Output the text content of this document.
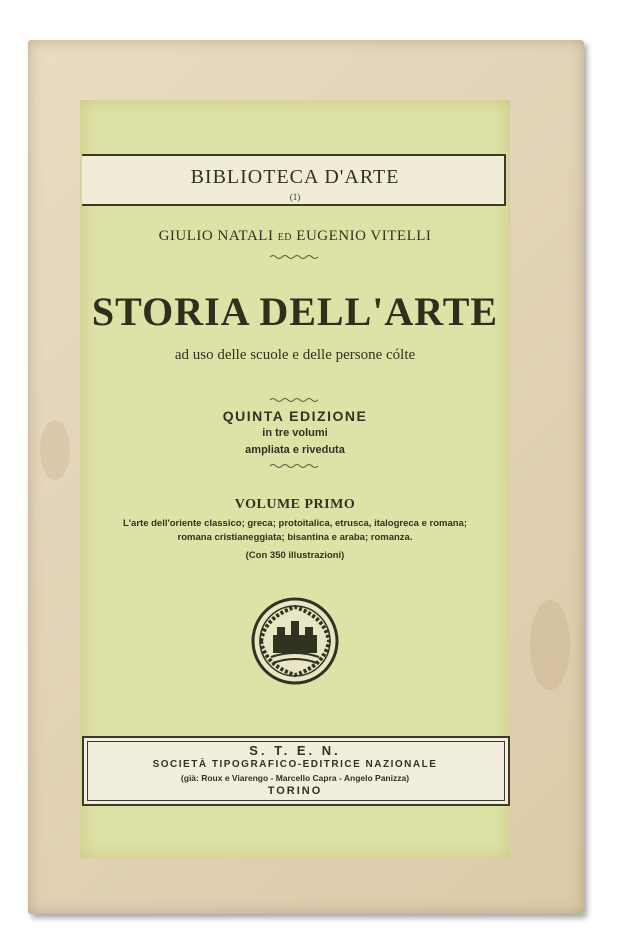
BIBLIOTECA D'ARTE
(1)
GIULIO NATALI ED EUGENIO VITELLI
STORIA DELL'ARTE
ad uso delle scuole e delle persone cólte
QUINTA EDIZIONE
in tre volumi
ampliata e riveduta
VOLUME PRIMO
L'arte dell'oriente classico; greca; protoitalica, etrusca, italogreca e romana;
romana cristianeggiata; bisantina e araba; romanza.
(Con 350 illustrazioni)
S. T. E. N.
SOCIETÀ TIPOGRAFICO-EDITRICE NAZIONALE
(già: Roux e Viarengo - Marcello Capra - Angelo Panizza)
TORINO
